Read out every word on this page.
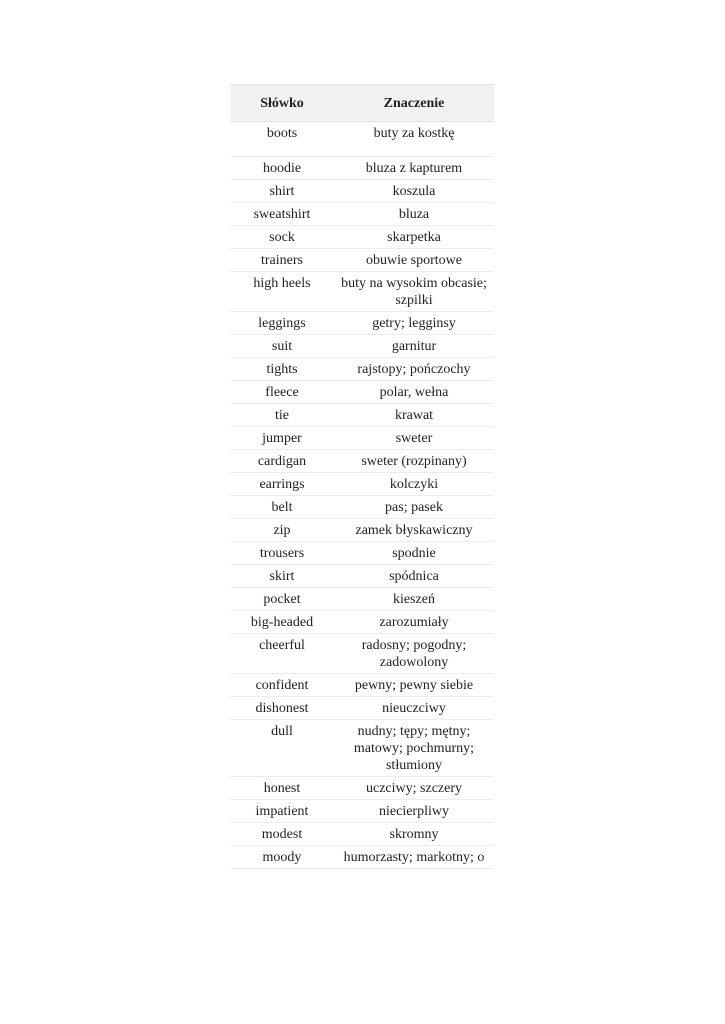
Słówko	Znaczenie
boots	buty za kostkę
hoodie	bluza z kapturem
shirt	koszula
sweatshirt	bluza
sock	skarpetka
trainers	obuwie sportowe
high heels	buty na wysokim obcasie; szpilki
leggings	getry; legginsy
suit	garnitur
tights	rajstopy; pończochy
fleece	polar, wełna
tie	krawat
jumper	sweter
cardigan	sweter (rozpinany)
earrings	kolczyki
belt	pas; pasek
zip	zamek błyskawiczny
trousers	spodnie
skirt	spódnica
pocket	kieszeń
big-headed	zarozumiały
cheerful	radosny; pogodny; zadowolony
confident	pewny; pewny siebie
dishonest	nieuczciwy
dull	nudny; tępy; mętny; matowy; pochmurny; stłumiony
honest	uczciwy; szczery
impatient	niecierpliwy
modest	skromny
moody	humorzasty; markotny; o
